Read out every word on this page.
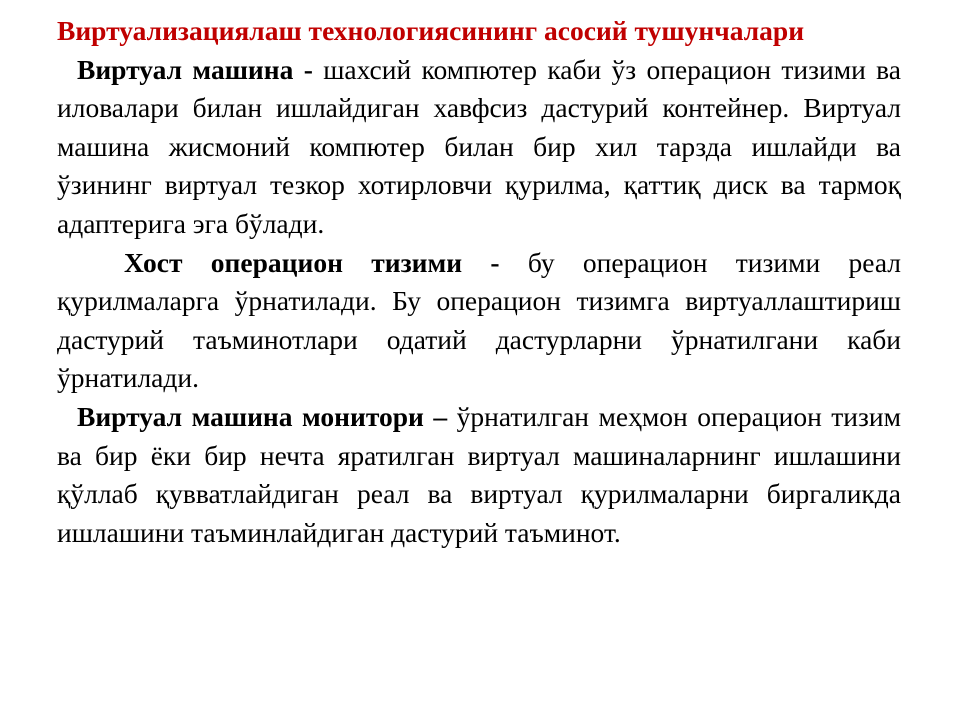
Виртуализациялаш технологиясининг асосий тушунчалари

Виртуал машина - шахсий компютер каби ўз операцион тизими ва иловалари билан ишлайдиган хавфсиз дастурий контейнер. Виртуал машина жисмоний компютер билан бир хил тарзда ишлайди ва ўзининг виртуал тезкор хотирловчи қурилма, қаттиқ диск ва тармоқ адаптерига эга бўлади.

Хост операцион тизими - бу операцион тизими реал қурилмаларга ўрнатилади. Бу операцион тизимга виртуаллаштириш дастурий таъминотлари одатий дастурларни ўрнатилгани каби ўрнатилади.

Виртуал машина монитори – ўрнатилган меҳмон операцион тизим ва бир ёки бир нечта яратилган виртуал машиналарнинг ишлашини қўллаб қувватлайдиган реал ва виртуал қурилмаларни биргаликда ишлашини таъминлайдиган дастурий таъминот.
